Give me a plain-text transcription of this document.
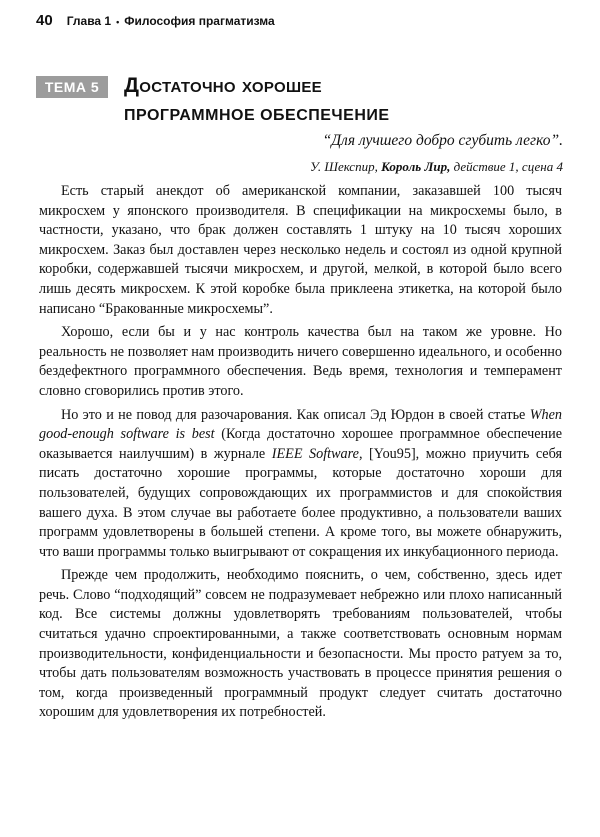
40 Глава 1 • Философия прагматизма
ТЕМА 5	Достаточно хорошее
ПРОГРАММНОЕ ОБЕСПЕЧЕНИЕ
“Для лучшего добро сгубить легко”.
У. Шекспир, Король Лир, действие 1, сцена 4

Есть старый анекдот об американской компании, заказавшей 100 тысяч микросхем у японского производителя. В спецификации на микросхемы было, в частности, указано, что брак должен составлять 1 штуку на 10 тысяч хороших микросхем. Заказ был доставлен через несколько недель и состоял из одной крупной коробки, содержавшей тысячи микросхем, и другой, мелкой, в которой было всего лишь десять микросхем. К этой коробке была приклеена этикетка, на которой было написано “Бракованные микросхемы”.

Хорошо, если бы и у нас контроль качества был на таком же уровне. Но реальность не позволяет нам производить ничего совершенно идеального, и особенно бездефектного программного обеспечения. Ведь время, технология и темперамент словно сговорились против этого.

Но это и не повод для разочарования. Как описал Эд Юрдон в своей статье When good-enough software is best (Когда достаточно хорошее программное обеспечение оказывается наилучшим) в журнале IEEE Software, [You95], можно приучить себя писать достаточно хорошие программы, которые достаточно хороши для пользователей, будущих сопровождающих их программистов и для спокойствия вашего духа. В этом случае вы работаете более продуктивно, а пользователи ваших программ удовлетворены в большей степени. А кроме того, вы можете обнаружить, что ваши программы только выигрывают от сокращения их инкубационного периода.

Прежде чем продолжить, необходимо пояснить, о чем, собственно, здесь идет речь. Слово “подходящий” совсем не подразумевает небрежно или плохо написанный код. Все системы должны удовлетворять требованиям пользователей, чтобы считаться удачно спроектированными, а также соответствовать основным нормам производительности, конфиденциальности и безопасности. Мы просто ратуем за то, чтобы дать пользователям возможность участвовать в процессе принятия решения о том, когда произведенный программный продукт следует считать достаточно хорошим для удовлетворения их потребностей.
